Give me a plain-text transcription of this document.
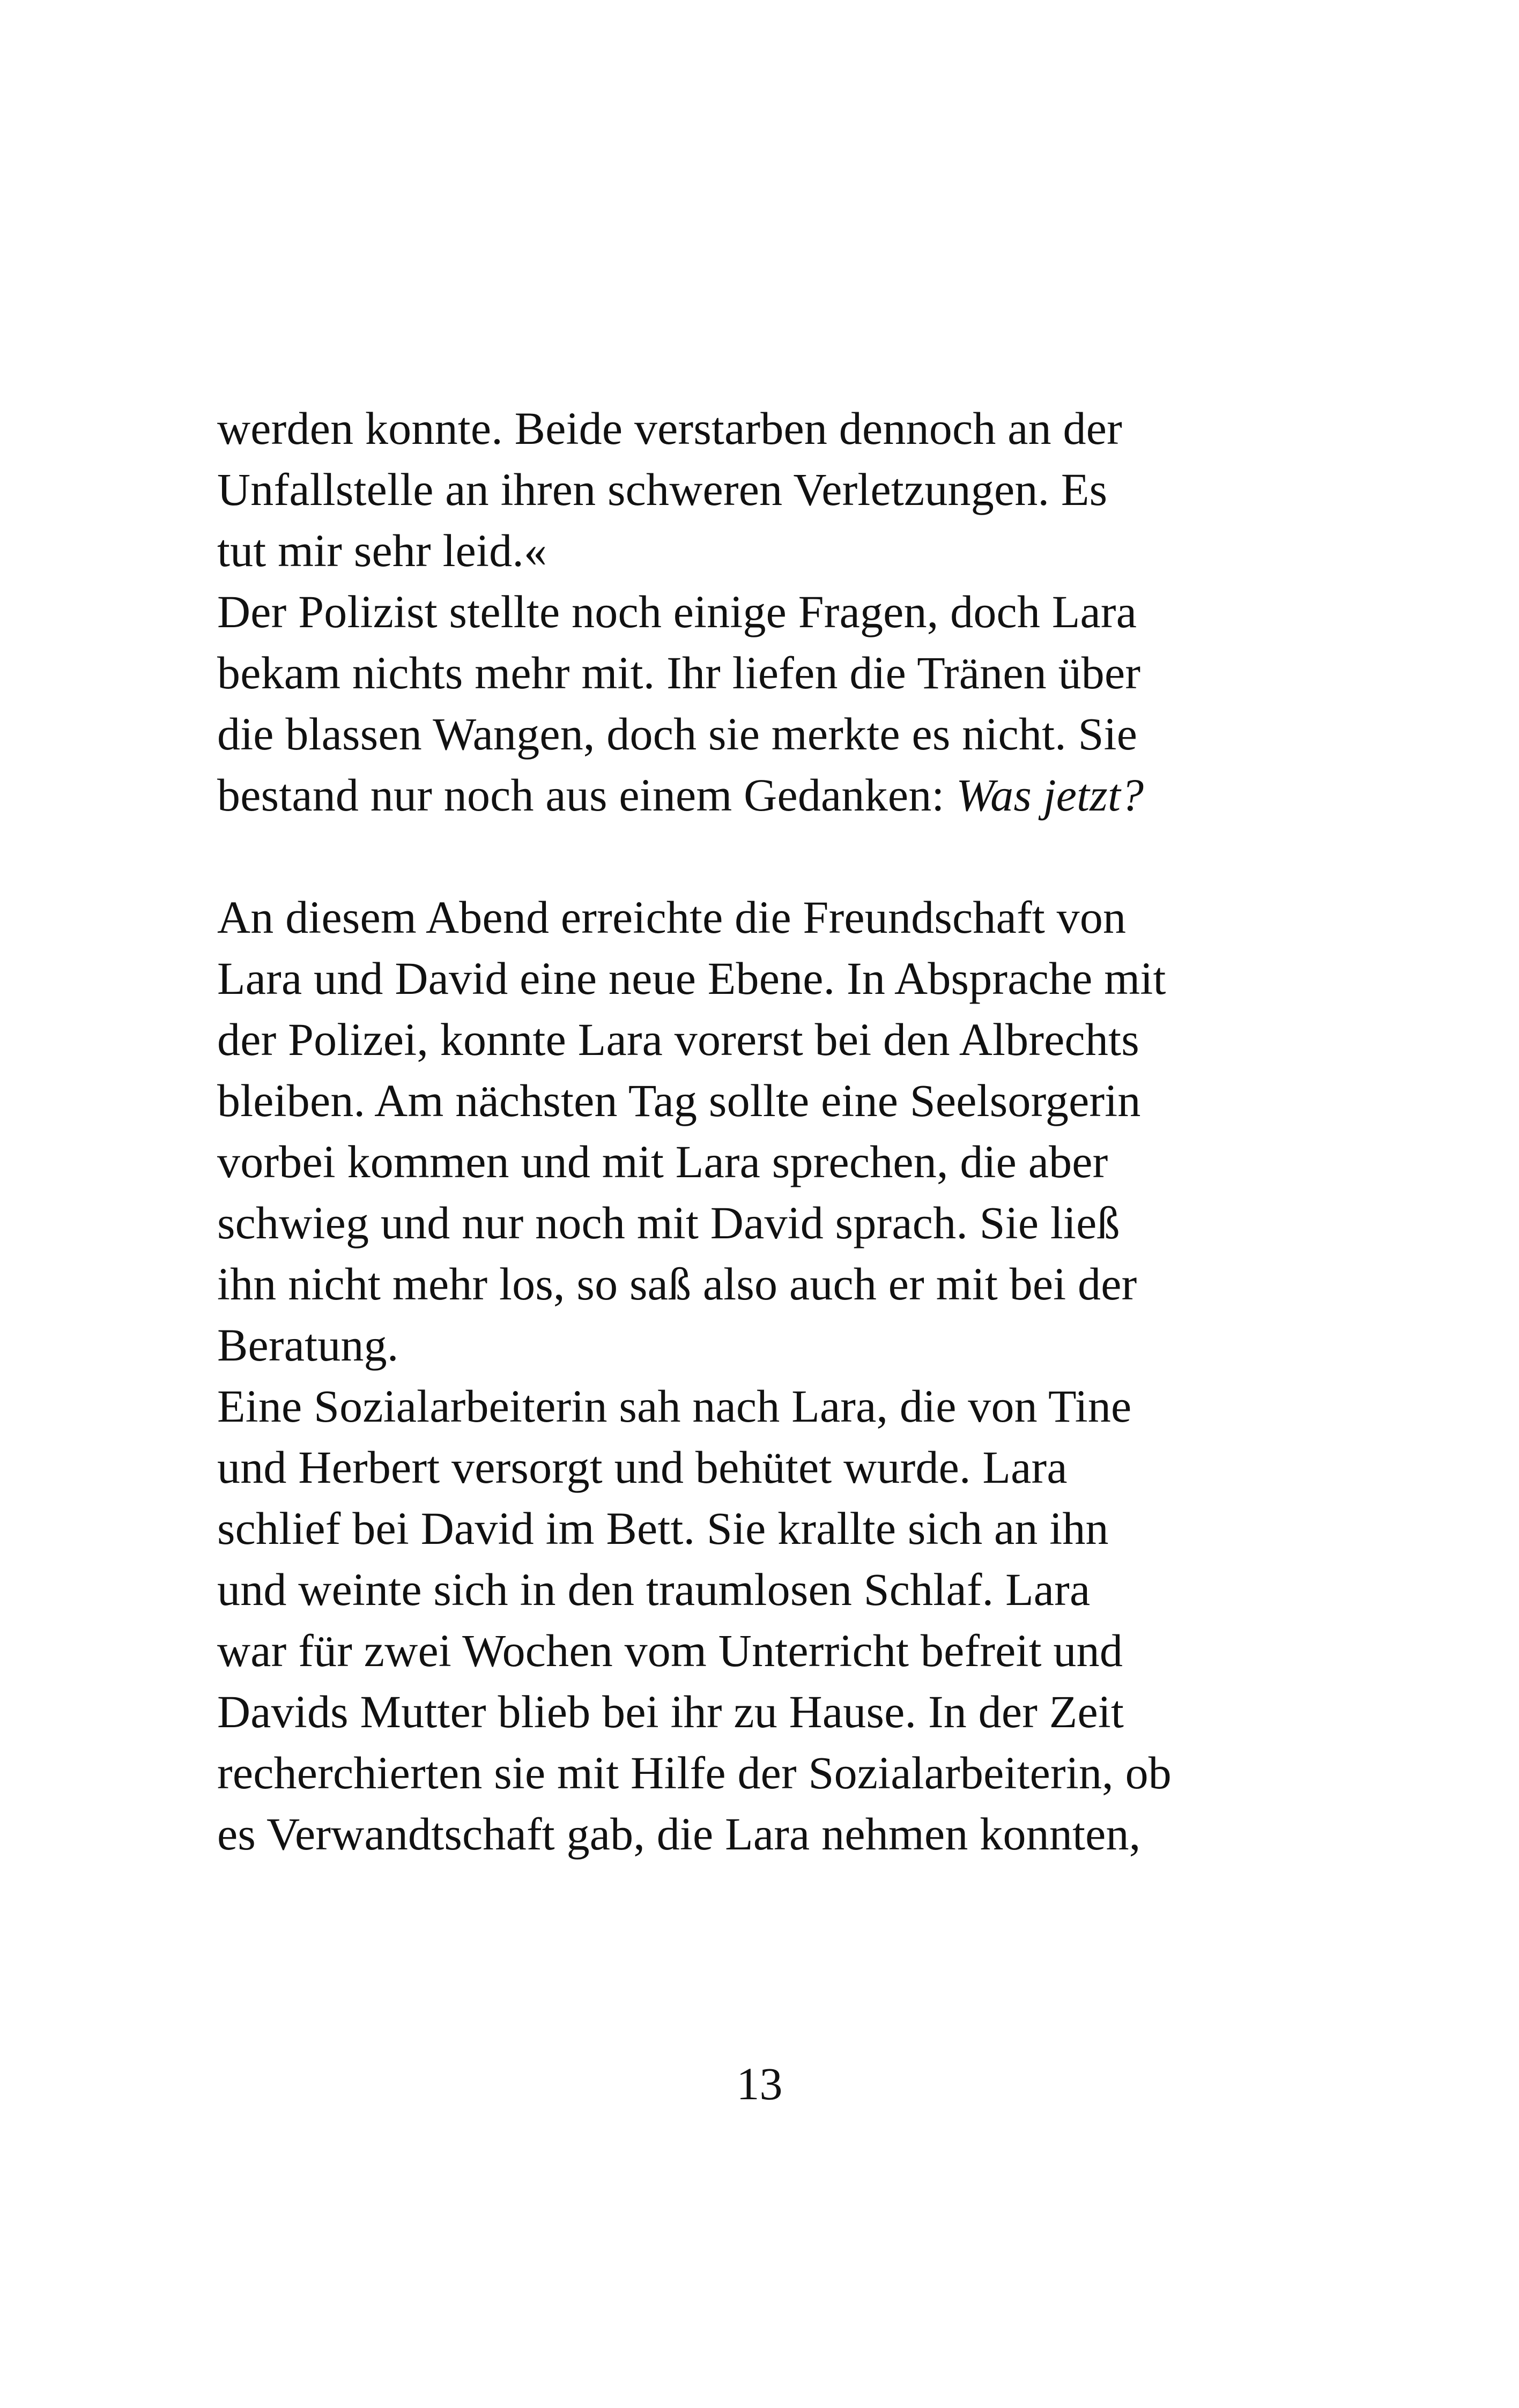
werden konnte. Beide verstarben dennoch an der
Unfallstelle an ihren schweren Verletzungen. Es
tut mir sehr leid.«
Der Polizist stellte noch einige Fragen, doch Lara
bekam nichts mehr mit. Ihr liefen die Tränen über
die blassen Wangen, doch sie merkte es nicht. Sie
bestand nur noch aus einem Gedanken: Was jetzt?
An diesem Abend erreichte die Freundschaft von
Lara und David eine neue Ebene. In Absprache mit
der Polizei, konnte Lara vorerst bei den Albrechts
bleiben. Am nächsten Tag sollte eine Seelsorgerin
vorbei kommen und mit Lara sprechen, die aber
schwieg und nur noch mit David sprach. Sie ließ
ihn nicht mehr los, so saß also auch er mit bei der
Beratung.
Eine Sozialarbeiterin sah nach Lara, die von Tine
und Herbert versorgt und behütet wurde. Lara
schlief bei David im Bett. Sie krallte sich an ihn
und weinte sich in den traumlosen Schlaf. Lara
war für zwei Wochen vom Unterricht befreit und
Davids Mutter blieb bei ihr zu Hause. In der Zeit
recherchierten sie mit Hilfe der Sozialarbeiterin, ob
es Verwandtschaft gab, die Lara nehmen konnten,
13
